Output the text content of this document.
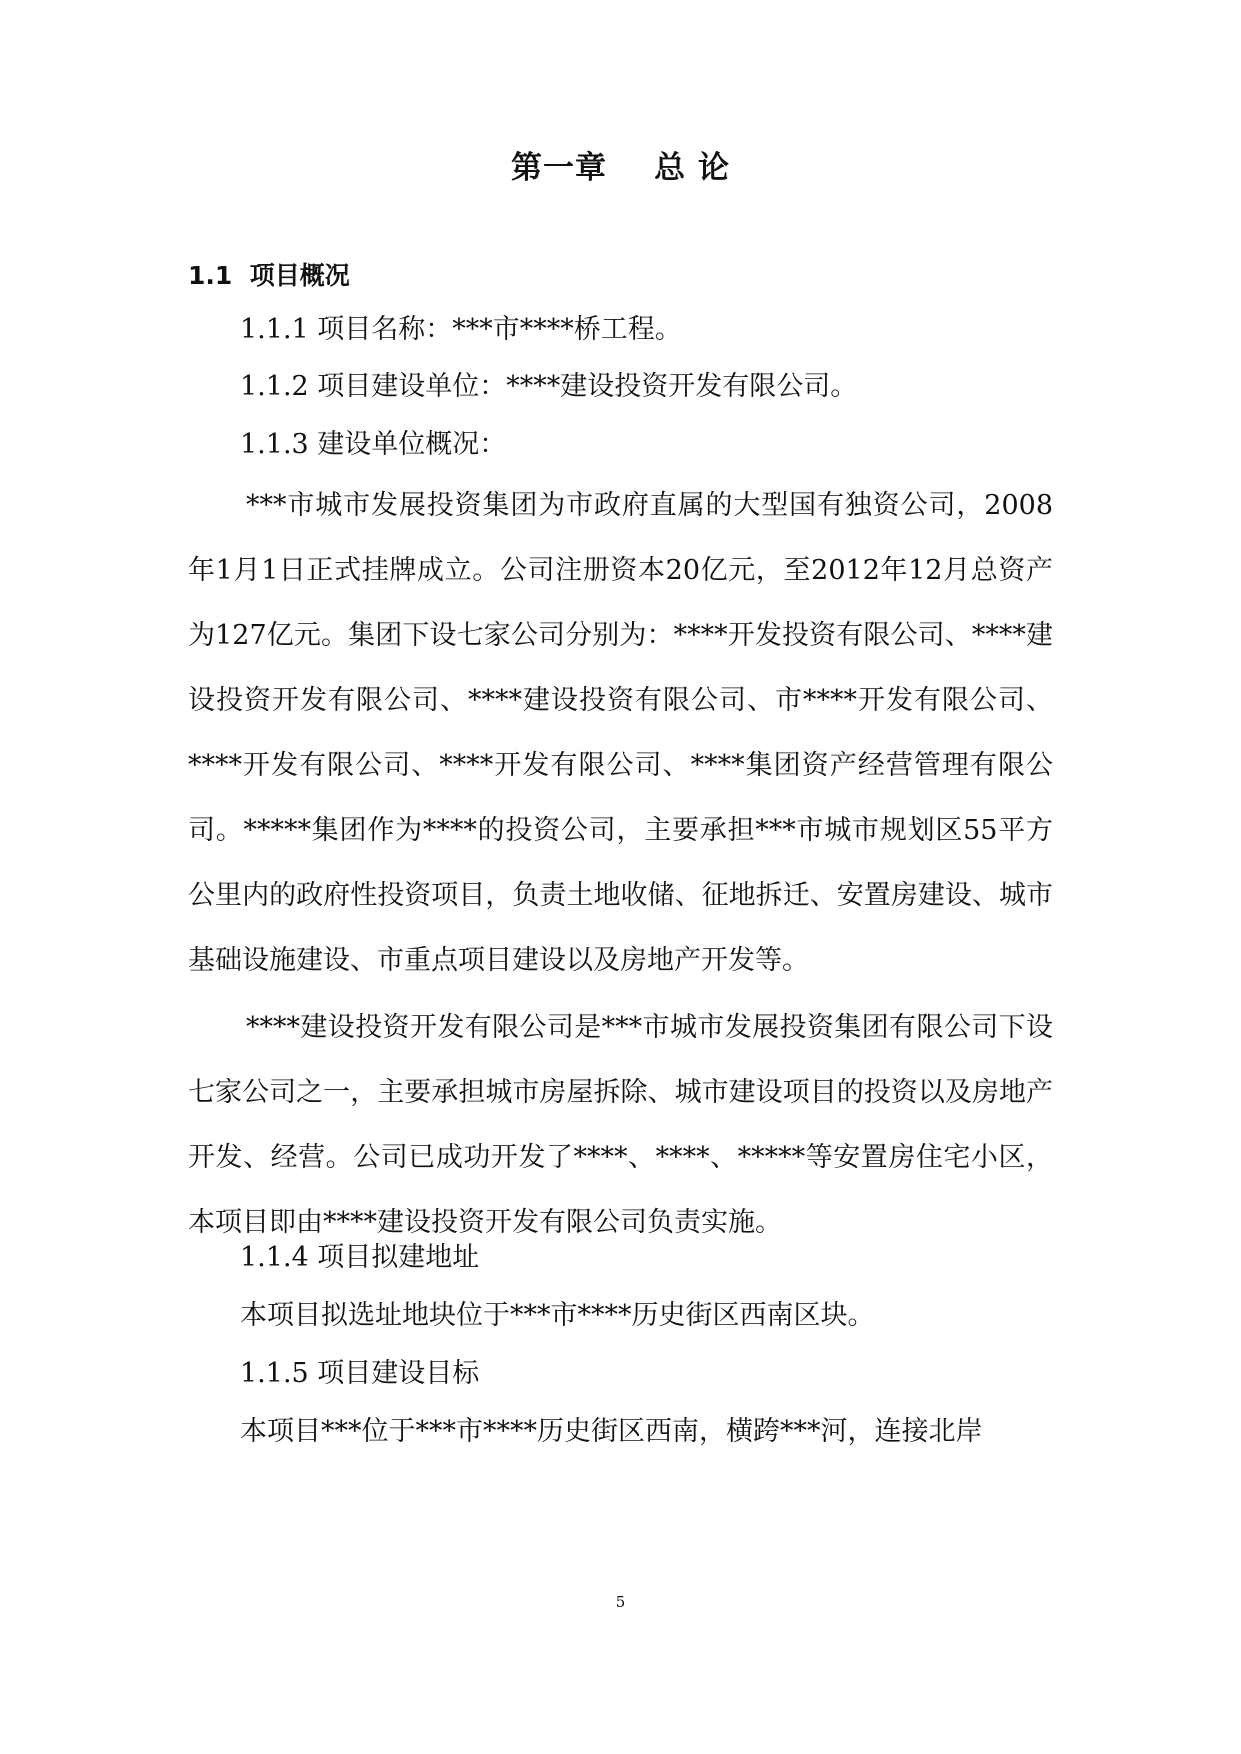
第一章    总 论
1.1  项目概况
1.1.1 项目名称：***市****桥工程。
1.1.2 项目建设单位：****建设投资开发有限公司。
1.1.3 建设单位概况：
***市城市发展投资集团为市政府直属的大型国有独资公司，2008年1月1日正式挂牌成立。公司注册资本20亿元，至2012年12月总资产为127亿元。集团下设七家公司分别为：****开发投资有限公司、****建设投资开发有限公司、****建设投资有限公司、市****开发有限公司、****开发有限公司、****开发有限公司、****集团资产经营管理有限公司。*****集团作为****的投资公司，主要承担***市城市规划区55平方公里内的政府性投资项目，负责土地收储、征地拆迁、安置房建设、城市基础设施建设、市重点项目建设以及房地产开发等。
****建设投资开发有限公司是***市城市发展投资集团有限公司下设七家公司之一，主要承担城市房屋拆除、城市建设项目的投资以及房地产开发、经营。公司已成功开发了****、****、*****等安置房住宅小区，本项目即由****建设投资开发有限公司负责实施。
1.1.4 项目拟建地址
本项目拟选址地块位于***市****历史街区西南区块。
1.1.5 项目建设目标
本项目***位于***市****历史街区西南，横跨***河，连接北岸
5
